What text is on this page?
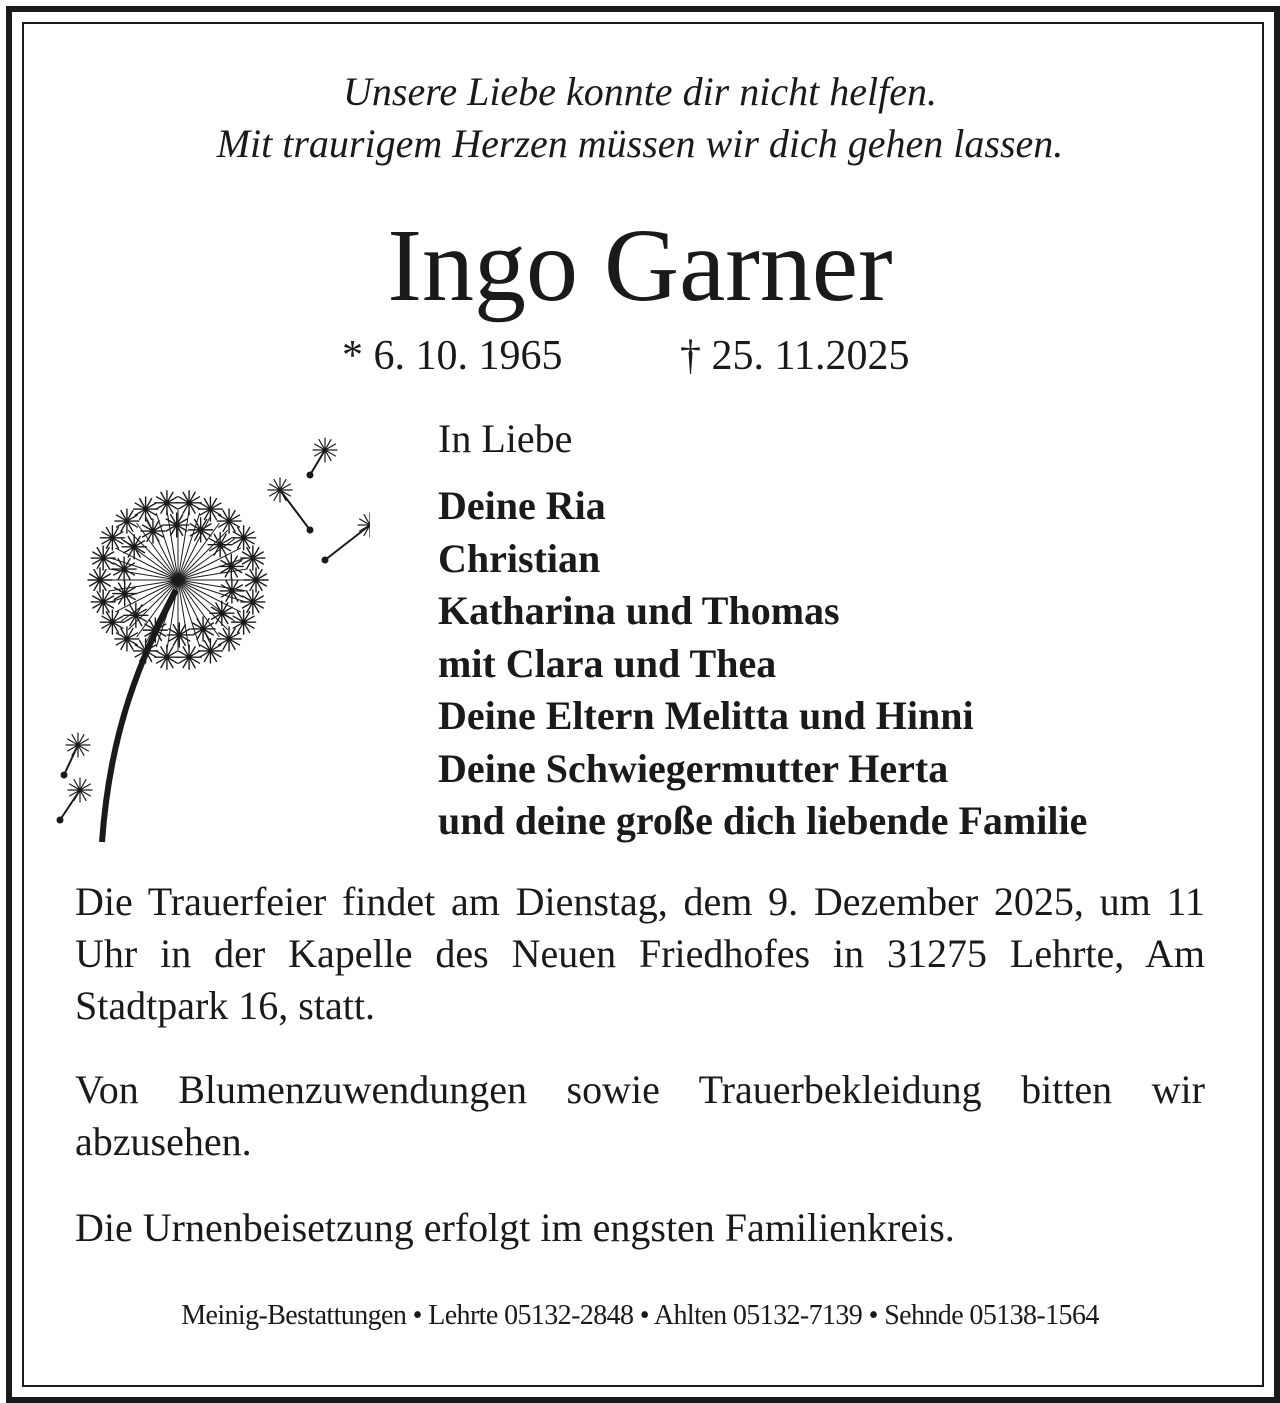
Unsere Liebe konnte dir nicht helfen.
Mit traurigem Herzen müssen wir dich gehen lassen.
Ingo Garner
* 6. 10. 1965	† 25. 11.2025
In Liebe
Deine Ria
Christian
Katharina und Thomas
mit Clara und Thea
Deine Eltern Melitta und Hinni
Deine Schwiegermutter Herta
und deine große dich liebende Familie

Die Trauerfeier findet am Dienstag, dem 9. Dezember 2025, um 11 Uhr in der Kapelle des Neuen Friedhofes in 31275 Lehrte, Am Stadtpark 16, statt.

Von Blumenzuwendungen sowie Trauerbekleidung bitten wir abzusehen.

Die Urnenbeisetzung erfolgt im engsten Familienkreis.

Meinig-Bestattungen • Lehrte 05132-2848 • Ahlten 05132-7139 • Sehnde 05138-1564
